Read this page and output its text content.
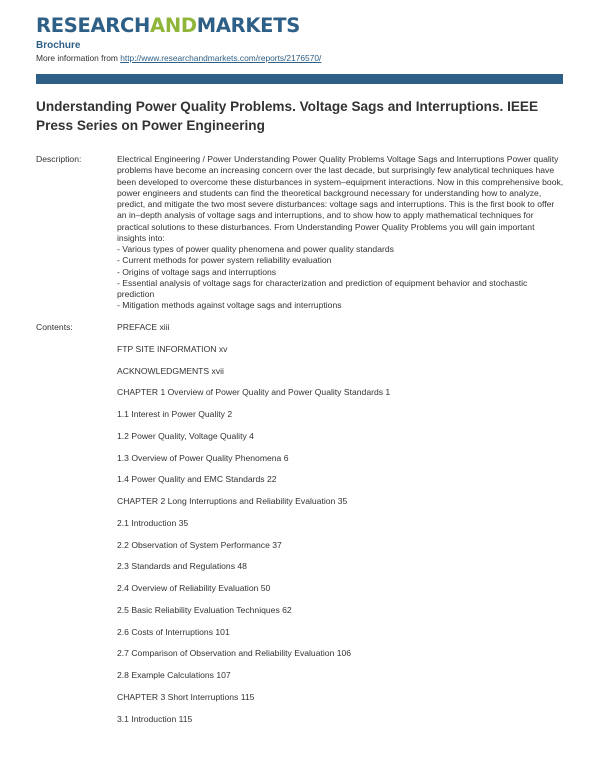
RESEARCHANDMARKETS
Brochure
More information from http://www.researchandmarkets.com/reports/2176570/
Understanding Power Quality Problems. Voltage Sags and Interruptions. IEEE Press Series on Power Engineering
Description:	Electrical Engineering / Power Understanding Power Quality Problems Voltage Sags and Interruptions Power quality problems have become an increasing concern over the last decade, but surprisingly few analytical techniques have been developed to overcome these disturbances in system–equipment interactions. Now in this comprehensive book, power engineers and students can find the theoretical background necessary for understanding how to analyze, predict, and mitigate the two most severe disturbances: voltage sags and interruptions. This is the first book to offer an in–depth analysis of voltage sags and interruptions, and to show how to apply mathematical techniques for practical solutions to these disturbances. From Understanding Power Quality Problems you will gain important insights into:

- Various types of power quality phenomena and power quality standards

- Current methods for power system reliability evaluation

- Origins of voltage sags and interruptions

- Essential analysis of voltage sags for characterization and prediction of equipment behavior and stochastic prediction

- Mitigation methods against voltage sags and interruptions

Contents:	PREFACE xiii
FTP SITE INFORMATION xv
ACKNOWLEDGMENTS xvii
CHAPTER 1 Overview of Power Quality and Power Quality Standards 1
1.1 Interest in Power Quality 2
1.2 Power Quality, Voltage Quality 4
1.3 Overview of Power Quality Phenomena 6
1.4 Power Quality and EMC Standards 22
CHAPTER 2 Long Interruptions and Reliability Evaluation 35
2.1 Introduction 35
2.2 Observation of System Performance 37
2.3 Standards and Regulations 48
2.4 Overview of Reliability Evaluation 50
2.5 Basic Reliability Evaluation Techniques 62
2.6 Costs of Interruptions 101
2.7 Comparison of Observation and Reliability Evaluation 106
2.8 Example Calculations 107
CHAPTER 3 Short Interruptions 115
3.1 Introduction 115
